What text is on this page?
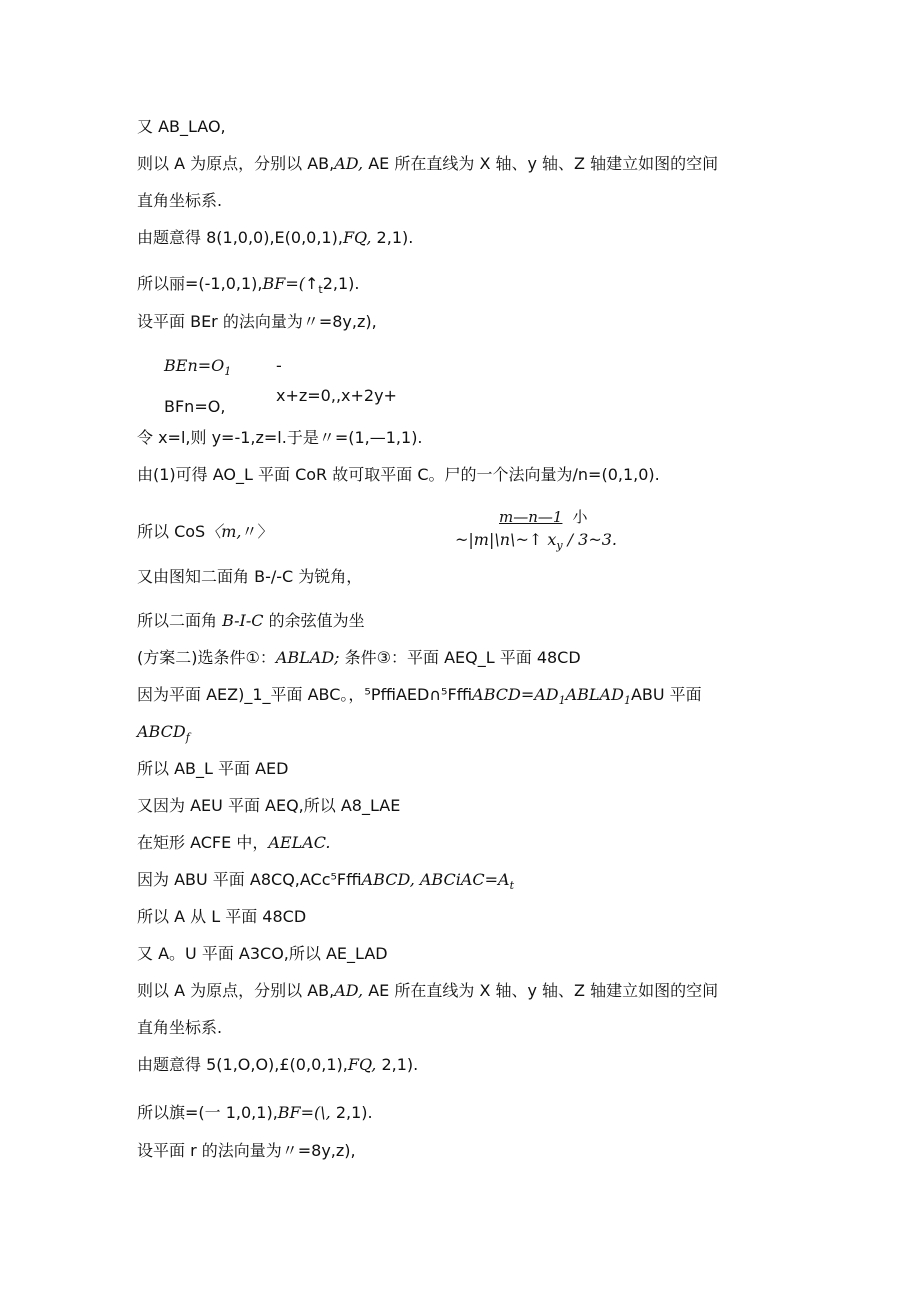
又 AB_LAO,
则以 A 为原点，分别以 AB,AD, AE 所在直线为 X 轴、y 轴、Z 轴建立如图的空间
直角坐标系.
由题意得 8(1,0,0),E(0,0,1),FQ, 2,1).
所以丽$=(-1,0,1),BF=(↑_t2,1)$.
设平面 BEr 的法向量为〃=8y,z),
$BEn=O_1$	-
x+z=0,,x+2y+
BFn=O,
令 x=l,则 y=-1,z=l.于是〃=(1,—1,1).
由(1)可得 AO_L 平面 CoR 故可取平面 C。尸的一个法向量为∕n=(0,1,0).
所以 CoS〈m,〃〉
m—n—1 小
~|m|\n\~↑ $x_y$ / 3~3.
又由图知二面角 B-/-C 为锐角，
所以二面角 B-I-C 的余弦值为坐
(方案二)选条件①：ABLAD; 条件③：平面 AEQ_L 平面 48CD
因为平面 AEZ)_1_平面 ABC。，$^5PffiAED\cap^5FffiABCD=AD_1ABLAD_1ABU$ 平面
$ABCD_f$
所以 AB_L 平面 AED
又因为 AEU 平面 AEQ,所以 A8_LAE
在矩形 ACFE 中，AELAC.
因为 ABU 平面 A8CQ,ACc⁵FffiABCD, $ABCiAC=A_t$
所以 A 从 L 平面 48CD
又 A。U 平面 A3CO,所以 AE_LAD
则以 A 为原点，分别以 AB,AD, AE 所在直线为 X 轴、y 轴、Z 轴建立如图的空间
直角坐标系.
由题意得 5(1,O,O),£(0,0,1),FQ, 2,1).
所以旗=(一 1,0,1),BF=(\, 2,1).
设平面 r 的法向量为〃=8y,z),
